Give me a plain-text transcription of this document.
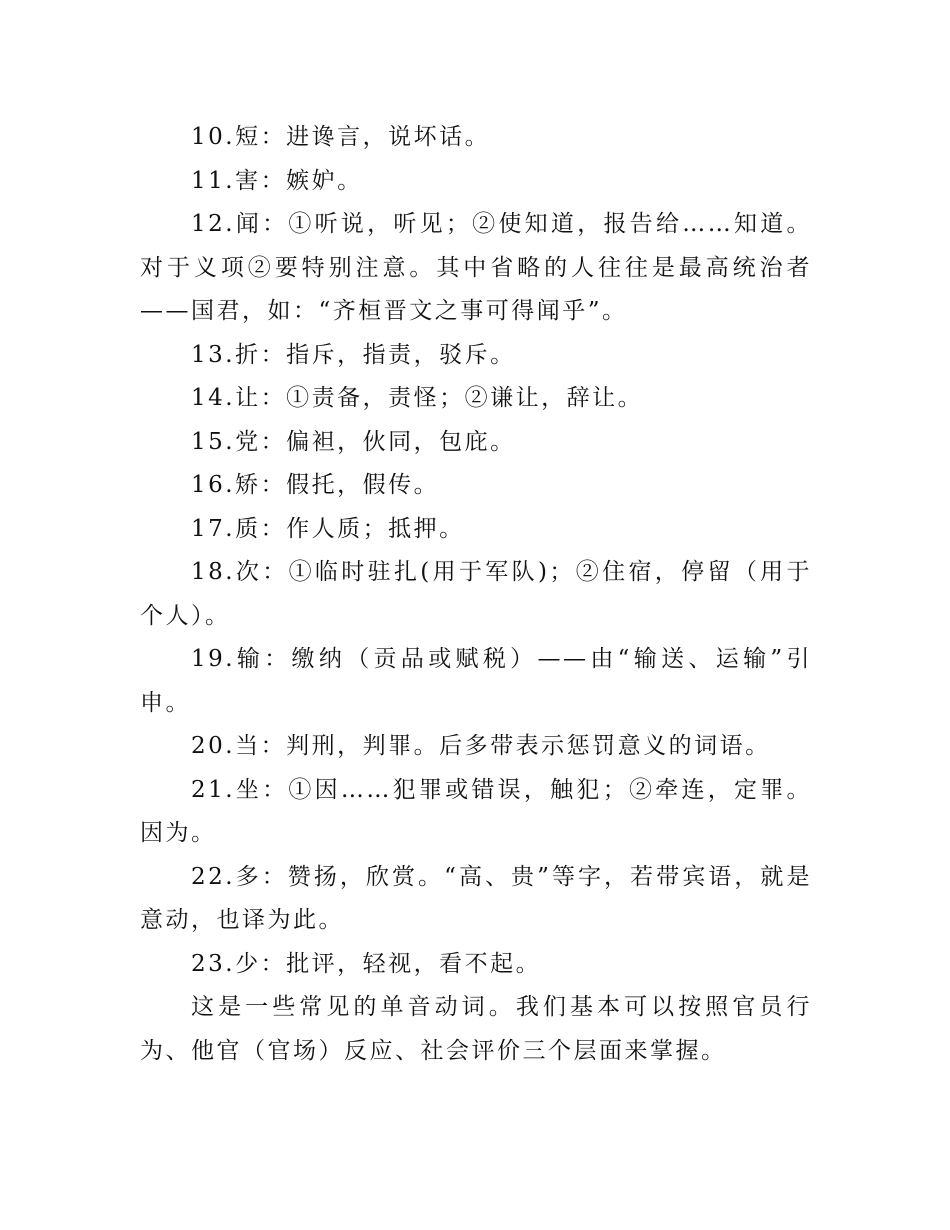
10.短：进谗言，说坏话。

11.害：嫉妒。

12.闻：①听说，听见；②使知道，报告给……知道。对于义项②要特别注意。其中省略的人往往是最高统治者——国君，如：“齐桓晋文之事可得闻乎”。

13.折：指斥，指责，驳斥。

14.让：①责备，责怪；②谦让，辞让。

15.党：偏袒，伙同，包庇。

16.矫：假托，假传。

17.质：作人质；抵押。

18.次：①临时驻扎(用于军队)；②住宿，停留（用于个人）。

19.输：缴纳（贡品或赋税）——由“输送、运输”引申。

20.当：判刑，判罪。后多带表示惩罚意义的词语。

21.坐：①因……犯罪或错误，触犯；②牵连，定罪。因为。

22.多：赞扬，欣赏。“高、贵”等字，若带宾语，就是意动，也译为此。

23.少：批评，轻视，看不起。

这是一些常见的单音动词。我们基本可以按照官员行为、他官（官场）反应、社会评价三个层面来掌握。
